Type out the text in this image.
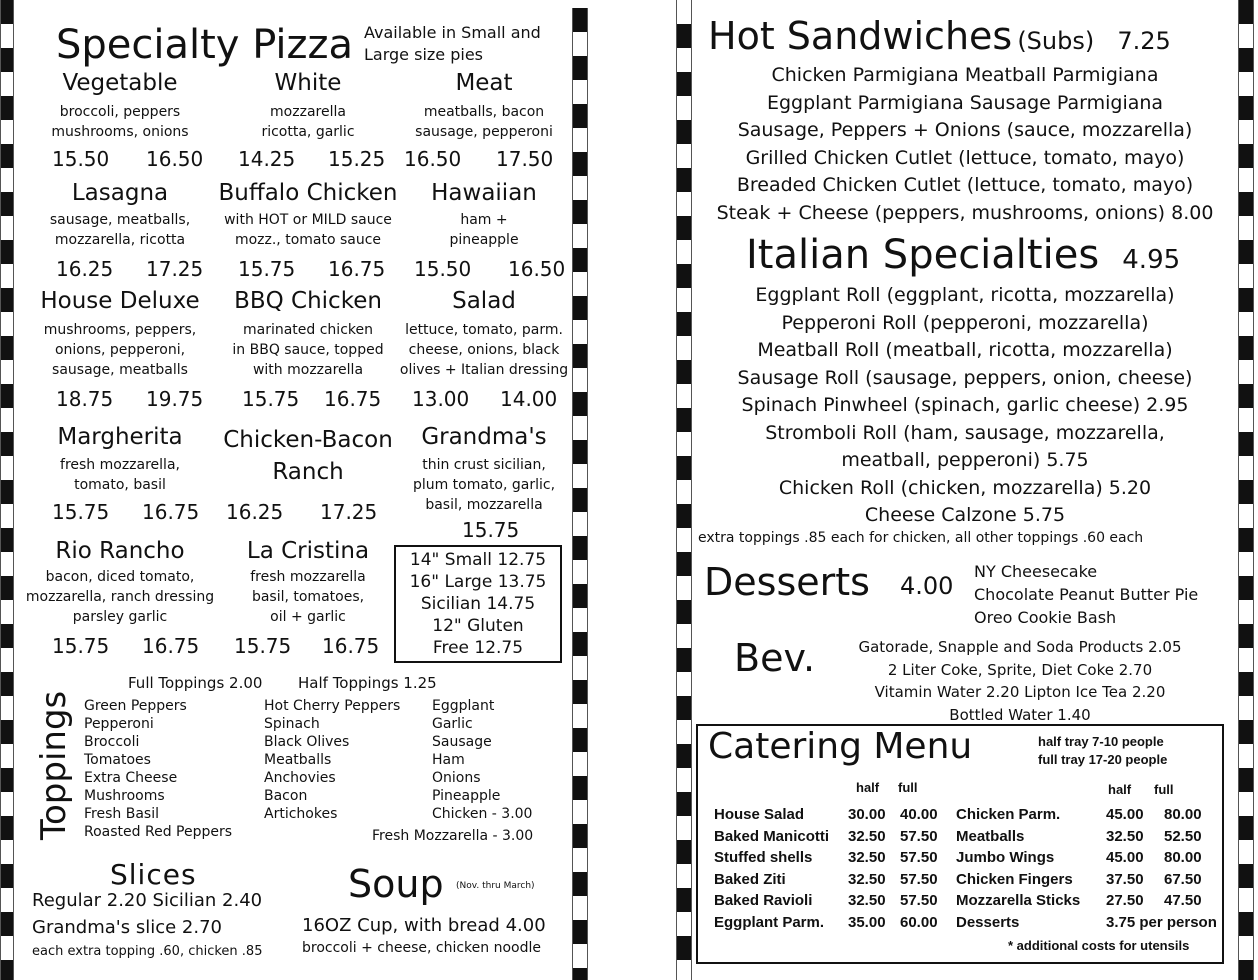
Specialty Pizza Available in Small and Large size pies
Vegetable
broccoli, peppers
mushrooms, onions
15.50 16.50
White
mozzarella
ricotta, garlic
14.25 15.25
Meat
meatballs, bacon
sausage, pepperoni
16.50 17.50
Lasagna
sausage, meatballs,
mozzarella, ricotta
16.25 17.25
Buffalo Chicken
with HOT or MILD sauce
mozz., tomato sauce
15.75 16.75
Hawaiian
ham +
pineapple
15.50 16.50
House Deluxe
mushrooms, peppers,
onions, pepperoni,
sausage, meatballs
18.75 19.75
BBQ Chicken
marinated chicken
in BBQ sauce, topped
with mozzarella
15.75 16.75
Salad
lettuce, tomato, parm.
cheese, onions, black
olives + Italian dressing
13.00 14.00
Margherita
fresh mozzarella,
tomato, basil
15.75 16.75
Chicken-Bacon Ranch
16.25 17.25
Grandma's
thin crust sicilian,
plum tomato, garlic,
basil, mozzarella
15.75
Rio Rancho
bacon, diced tomato,
mozzarella, ranch dressing
parsley garlic
15.75 16.75
La Cristina
fresh mozzarella
basil, tomatoes,
oil + garlic
15.75 16.75
14" Small 12.75
16" Large 13.75
Sicilian 14.75
12" Gluten
Free 12.75
Toppings
Full Toppings 2.00 Half Toppings 1.25
Green Peppers
Pepperoni
Broccoli
Tomatoes
Extra Cheese
Mushrooms
Fresh Basil
Roasted Red Peppers
Hot Cherry Peppers
Spinach
Black Olives
Meatballs
Anchovies
Bacon
Artichokes
Eggplant
Garlic
Sausage
Ham
Onions
Pineapple
Chicken - 3.00
Fresh Mozzarella - 3.00
Slices
Regular 2.20 Sicilian 2.40
Grandma's slice 2.70
each extra topping .60, chicken .85
Soup (Nov. thru March)
16OZ Cup, with bread 4.00
broccoli + cheese, chicken noodle
Hot Sandwiches (Subs) 7.25
Chicken Parmigiana Meatball Parmigiana
Eggplant Parmigiana Sausage Parmigiana
Sausage, Peppers + Onions (sauce, mozzarella)
Grilled Chicken Cutlet (lettuce, tomato, mayo)
Breaded Chicken Cutlet (lettuce, tomato, mayo)
Steak + Cheese (peppers, mushrooms, onions) 8.00
Italian Specialties 4.95
Eggplant Roll (eggplant, ricotta, mozzarella)
Pepperoni Roll (pepperoni, mozzarella)
Meatball Roll (meatball, ricotta, mozzarella)
Sausage Roll (sausage, peppers, onion, cheese)
Spinach Pinwheel (spinach, garlic cheese) 2.95
Stromboli Roll (ham, sausage, mozzarella,
meatball, pepperoni) 5.75
Chicken Roll (chicken, mozzarella) 5.20
Cheese Calzone 5.75
extra toppings .85 each for chicken, all other toppings .60 each
Desserts 4.00
NY Cheesecake
Chocolate Peanut Butter Pie
Oreo Cookie Bash
Bev.	Gatorade, Snapple and Soda Products 2.05
2 Liter Coke, Sprite, Diet Coke 2.70
Vitamin Water 2.20 Lipton Ice Tea 2.20
Bottled Water 1.40
Catering Menu	half tray 7-10 people
full tray 17-20 people
half full	half full
House Salad	30.00 40.00
Baked Manicotti 32.50 57.50
Stuffed shells 32.50 57.50
Baked Ziti	32.50 57.50
Baked Ravioli 32.50 57.50
Eggplant Parm. 35.00 60.00
Chicken Parm.	45.00 80.00
Meatballs	32.50 52.50
Jumbo Wings	45.00 80.00
Chicken Fingers 37.50 67.50
Mozzarella Sticks 27.50 47.50
Desserts	3.75 per person
* additional costs for utensils
